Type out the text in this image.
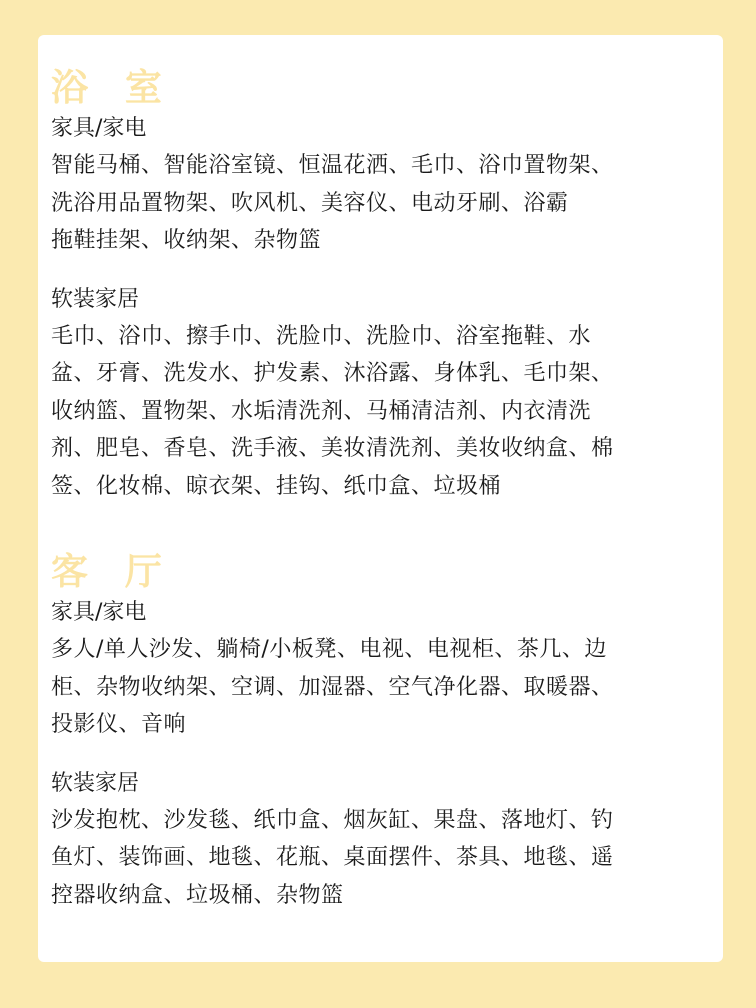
浴 室

家具/家电

智能马桶、智能浴室镜、恒温花洒、毛巾、浴巾置物架、

洗浴用品置物架、吹风机、美容仪、电动牙刷、浴霸

拖鞋挂架、收纳架、杂物篮

软装家居

毛巾、浴巾、擦手巾、洗脸巾、洗脸巾、浴室拖鞋、水

盆、牙膏、洗发水、护发素、沐浴露、身体乳、毛巾架、

收纳篮、置物架、水垢清洗剂、马桶清洁剂、内衣清洗

剂、肥皂、香皂、洗手液、美妆清洗剂、美妆收纳盒、棉

签、化妆棉、晾衣架、挂钩、纸巾盒、垃圾桶

客 厅

家具/家电

多人/单人沙发、躺椅/小板凳、电视、电视柜、茶几、边

柜、杂物收纳架、空调、加湿器、空气净化器、取暖器、

投影仪、音响

软装家居

沙发抱枕、沙发毯、纸巾盒、烟灰缸、果盘、落地灯、钓

鱼灯、装饰画、地毯、花瓶、桌面摆件、茶具、地毯、遥

控器收纳盒、垃圾桶、杂物篮
